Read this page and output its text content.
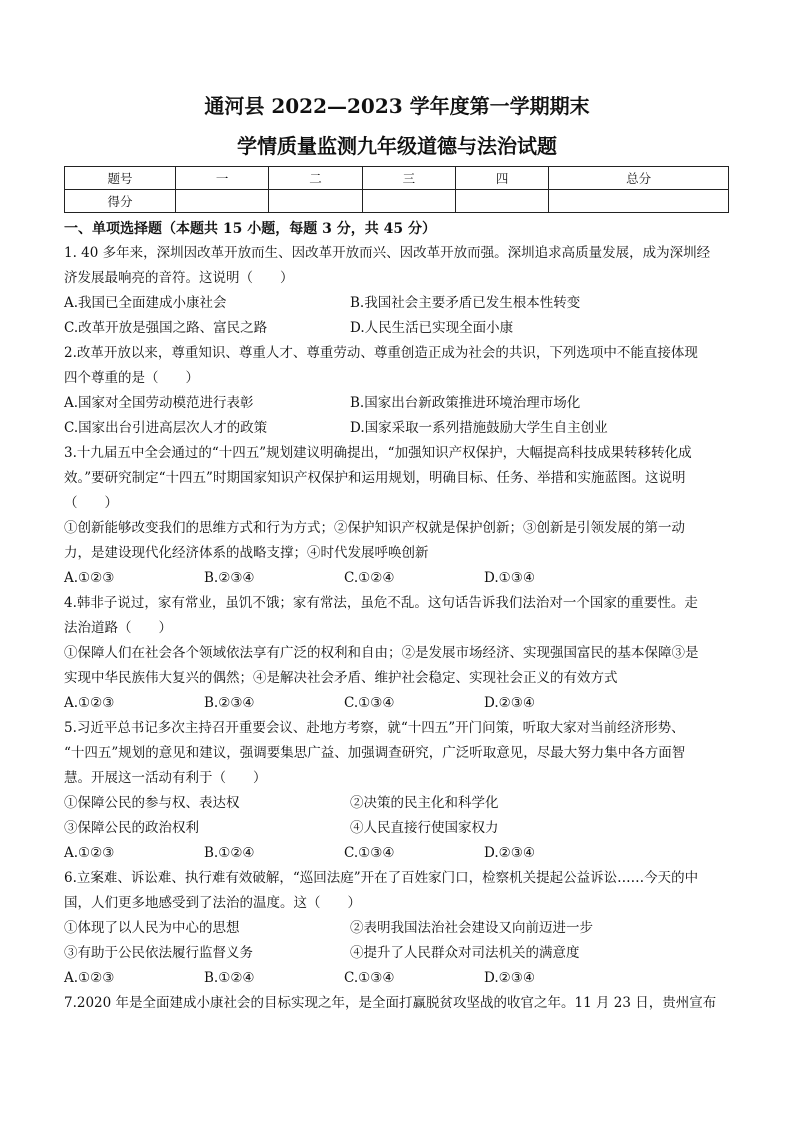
通河县 2022—2023 学年度第一学期期末
学情质量监测九年级道德与法治试题
题号	一	二	三	四	总分
得分					
一、单项选择题（本题共 15 小题，每题 3 分，共 45 分）
1. 40 多年来，深圳因改革开放而生、因改革开放而兴、因改革开放而强。深圳追求高质量发展，成为深圳经
济发展最响亮的音符。这说明（　　）
A.我国已全面建成小康社会	B.我国社会主要矛盾已发生根本性转变
C.改革开放是强国之路、富民之路	D.人民生活已实现全面小康
2.改革开放以来，尊重知识、尊重人才、尊重劳动、尊重创造正成为社会的共识，下列选项中不能直接体现
四个尊重的是（　　）
A.国家对全国劳动模范进行表彰	B.国家出台新政策推进环境治理市场化
C.国家出台引进高层次人才的政策	D.国家采取一系列措施鼓励大学生自主创业
3.十九届五中全会通过的“十四五”规划建议明确提出，“加强知识产权保护，大幅提高科技成果转移转化成
效。”要研究制定“十四五”时期国家知识产权保护和运用规划，明确目标、任务、举措和实施蓝图。这说明
（　　）
①创新能够改变我们的思维方式和行为方式；②保护知识产权就是保护创新；③创新是引领发展的第一动
力，是建设现代化经济体系的战略支撑；④时代发展呼唤创新
A.①②③	B.②③④	C.①②④	D.①③④
4.韩非子说过，家有常业，虽饥不饿；家有常法，虽危不乱。这句话告诉我们法治对一个国家的重要性。走
法治道路（　　）
①保障人们在社会各个领域依法享有广泛的权利和自由；②是发展市场经济、实现强国富民的基本保障③是
实现中华民族伟大复兴的偶然；④是解决社会矛盾、维护社会稳定、实现社会正义的有效方式
A.①②③	B.②③④	C.①③④	D.②③④
5.习近平总书记多次主持召开重要会议、赴地方考察，就“十四五”开门问策，听取大家对当前经济形势、
“十四五”规划的意见和建议，强调要集思广益、加强调查研究，广泛听取意见，尽最大努力集中各方面智
慧。开展这一活动有利于（　　）
①保障公民的参与权、表达权	②决策的民主化和科学化
③保障公民的政治权利	④人民直接行使国家权力
A.①②③	B.①②④	C.①③④	D.②③④
6.立案难、诉讼难、执行难有效破解，“巡回法庭”开在了百姓家门口，检察机关提起公益诉讼……今天的中
国，人们更多地感受到了法治的温度。这（　　）
①体现了以人民为中心的思想	②表明我国法治社会建设又向前迈进一步
③有助于公民依法履行监督义务	④提升了人民群众对司法机关的满意度
A.①②③	B.①②④	C.①③④	D.②③④
7.2020 年是全面建成小康社会的目标实现之年，是全面打赢脱贫攻坚战的收官之年。11 月 23 日，贵州宣布
